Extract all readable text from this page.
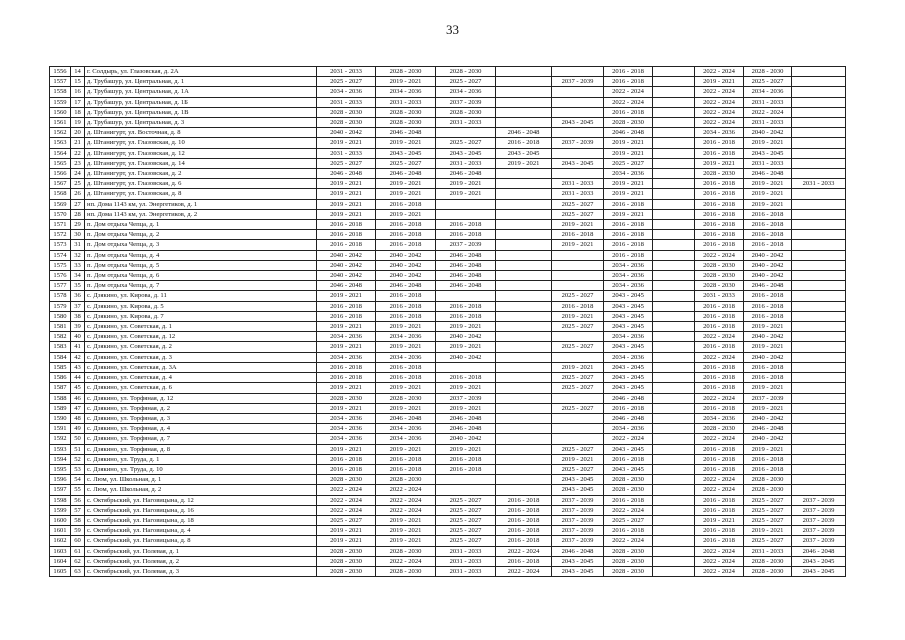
33
1556	14	г. Солдырь, ул. Глазовская, д. 2А	2031 - 2033	2028 - 2030	2028 - 2030			2016 - 2018		2022 - 2024	2028 - 2030	
1557	15	д. Трубашур, ул. Центральная, д. 1	2025 - 2027	2019 - 2021	2025 - 2027		2037 - 2039	2016 - 2018		2019 - 2021	2025 - 2027	
1558	16	д. Трубашур, ул. Центральная, д. 1А	2034 - 2036	2034 - 2036	2034 - 2036			2022 - 2024		2022 - 2024	2034 - 2036	
1559	17	д. Трубашур, ул. Центральная, д. 1Б	2031 - 2033	2031 - 2033	2037 - 2039			2022 - 2024		2022 - 2024	2031 - 2033	
1560	18	д. Трубашур, ул. Центральная, д. 1В	2028 - 2030	2028 - 2030	2028 - 2030			2016 - 2018		2022 - 2024	2022 - 2024	
1561	19	д. Трубашур, ул. Центральная, д. 3	2028 - 2030	2028 - 2030	2031 - 2033		2043 - 2045	2028 - 2030		2022 - 2024	2031 - 2033	
1562	20	д. Штанигурт, ул. Восточная, д. 8	2040 - 2042	2046 - 2048		2046 - 2048		2046 - 2048		2034 - 2036	2040 - 2042	
1563	21	д. Штанигурт, ул. Глазовская, д. 10	2019 - 2021	2019 - 2021	2025 - 2027	2016 - 2018	2037 - 2039	2019 - 2021		2016 - 2018	2019 - 2021	
1564	22	д. Штанигурт, ул. Глазовская, д. 12	2031 - 2033	2043 - 2045	2043 - 2045	2043 - 2045		2019 - 2021		2016 - 2018	2043 - 2045	
1565	23	д. Штанигурт, ул. Глазовская, д. 14	2025 - 2027	2025 - 2027	2031 - 2033	2019 - 2021	2043 - 2045	2025 - 2027		2019 - 2021	2031 - 2033	
1566	24	д. Штанигурт, ул. Глазовская, д. 2	2046 - 2048	2046 - 2048	2046 - 2048			2034 - 2036		2028 - 2030	2046 - 2048	
1567	25	д. Штанигурт, ул. Глазовская, д. 6	2019 - 2021	2019 - 2021	2019 - 2021		2031 - 2033	2019 - 2021		2016 - 2018	2019 - 2021	2031 - 2033
1568	26	д. Штанигурт, ул. Глазовская, д. 8	2019 - 2021	2019 - 2021	2019 - 2021		2031 - 2033	2019 - 2021		2016 - 2018	2019 - 2021	
1569	27	нп. Дома 1143 км, ул. Энергетиков, д. 1	2019 - 2021	2016 - 2018			2025 - 2027	2016 - 2018		2016 - 2018	2019 - 2021	
1570	28	нп. Дома 1143 км, ул. Энергетиков, д. 2	2019 - 2021	2019 - 2021			2025 - 2027	2019 - 2021		2016 - 2018	2016 - 2018	
1571	29	п. Дом отдыха Чепца, д. 1	2016 - 2018	2016 - 2018	2016 - 2018		2019 - 2021	2016 - 2018		2016 - 2018	2016 - 2018	
1572	30	п. Дом отдыха Чепца, д. 2	2016 - 2018	2016 - 2018	2016 - 2018		2016 - 2018	2016 - 2018		2016 - 2018	2016 - 2018	
1573	31	п. Дом отдыха Чепца, д. 3	2016 - 2018	2016 - 2018	2037 - 2039		2019 - 2021	2016 - 2018		2016 - 2018	2016 - 2018	
1574	32	п. Дом отдыха Чепца, д. 4	2040 - 2042	2040 - 2042	2046 - 2048			2016 - 2018		2022 - 2024	2040 - 2042	
1575	33	п. Дом отдыха Чепца, д. 5	2040 - 2042	2040 - 2042	2046 - 2048			2034 - 2036		2028 - 2030	2040 - 2042	
1576	34	п. Дом отдыха Чепца, д. 6	2040 - 2042	2040 - 2042	2046 - 2048			2034 - 2036		2028 - 2030	2040 - 2042	
1577	35	п. Дом отдыха Чепца, д. 7	2046 - 2048	2046 - 2048	2046 - 2048			2034 - 2036		2028 - 2030	2046 - 2048	
1578	36	с. Дзякино, ул. Кирова, д. 11	2019 - 2021	2016 - 2018			2025 - 2027	2043 - 2045		2031 - 2033	2016 - 2018	
1579	37	с. Дзякино, ул. Кирова, д. 5	2016 - 2018	2016 - 2018	2016 - 2018		2016 - 2018	2043 - 2045		2016 - 2018	2016 - 2018	
1580	38	с. Дзякино, ул. Кирова, д. 7	2016 - 2018	2016 - 2018	2016 - 2018		2019 - 2021	2043 - 2045		2016 - 2018	2016 - 2018	
1581	39	с. Дзякино, ул. Советская, д. 1	2019 - 2021	2019 - 2021	2019 - 2021		2025 - 2027	2043 - 2045		2016 - 2018	2019 - 2021	
1582	40	с. Дзякино, ул. Советская, д. 12	2034 - 2036	2034 - 2036	2040 - 2042			2034 - 2036		2022 - 2024	2040 - 2042	
1583	41	с. Дзякино, ул. Советская, д. 2	2019 - 2021	2019 - 2021	2019 - 2021		2025 - 2027	2043 - 2045		2016 - 2018	2019 - 2021	
1584	42	с. Дзякино, ул. Советская, д. 3	2034 - 2036	2034 - 2036	2040 - 2042			2034 - 2036		2022 - 2024	2040 - 2042	
1585	43	с. Дзякино, ул. Советская, д. 3А	2016 - 2018	2016 - 2018			2019 - 2021	2043 - 2045		2016 - 2018	2016 - 2018	
1586	44	с. Дзякино, ул. Советская, д. 4	2016 - 2018	2016 - 2018	2016 - 2018		2025 - 2027	2043 - 2045		2016 - 2018	2016 - 2018	
1587	45	с. Дзякино, ул. Советская, д. 6	2019 - 2021	2019 - 2021	2019 - 2021		2025 - 2027	2043 - 2045		2016 - 2018	2019 - 2021	
1588	46	с. Дзякино, ул. Торфяная, д. 12	2028 - 2030	2028 - 2030	2037 - 2039			2046 - 2048		2022 - 2024	2037 - 2039	
1589	47	с. Дзякино, ул. Торфяная, д. 2	2019 - 2021	2019 - 2021	2019 - 2021		2025 - 2027	2016 - 2018		2016 - 2018	2019 - 2021	
1590	48	с. Дзякино, ул. Торфяная, д. 3	2034 - 2036	2046 - 2048	2046 - 2048			2046 - 2048		2034 - 2036	2040 - 2042	
1591	49	с. Дзякино, ул. Торфяная, д. 4	2034 - 2036	2034 - 2036	2046 - 2048			2034 - 2036		2028 - 2030	2046 - 2048	
1592	50	с. Дзякино, ул. Торфяная, д. 7	2034 - 2036	2034 - 2036	2040 - 2042			2022 - 2024		2022 - 2024	2040 - 2042	
1593	51	с. Дзякино, ул. Торфяная, д. 8	2019 - 2021	2019 - 2021	2019 - 2021		2025 - 2027	2043 - 2045		2016 - 2018	2019 - 2021	
1594	52	с. Дзякино, ул. Труда, д. 1	2016 - 2018	2016 - 2018	2016 - 2018		2019 - 2021	2016 - 2018		2016 - 2018	2016 - 2018	
1595	53	с. Дзякино, ул. Труда, д. 10	2016 - 2018	2016 - 2018	2016 - 2018		2025 - 2027	2043 - 2045		2016 - 2018	2016 - 2018	
1596	54	с. Люм, ул. Школьная, д. 1	2028 - 2030	2028 - 2030			2043 - 2045	2028 - 2030		2022 - 2024	2028 - 2030	
1597	55	с. Люм, ул. Школьная, д. 2	2022 - 2024	2022 - 2024			2043 - 2045	2028 - 2030		2022 - 2024	2028 - 2030	
1598	56	с. Октябрьский, ул. Наговицына, д. 12	2022 - 2024	2022 - 2024	2025 - 2027	2016 - 2018	2037 - 2039	2016 - 2018		2016 - 2018	2025 - 2027	2037 - 2039
1599	57	с. Октябрьский, ул. Наговицына, д. 16	2022 - 2024	2022 - 2024	2025 - 2027	2016 - 2018	2037 - 2039	2022 - 2024		2016 - 2018	2025 - 2027	2037 - 2039
1600	58	с. Октябрьский, ул. Наговицына, д. 18	2025 - 2027	2019 - 2021	2025 - 2027	2016 - 2018	2037 - 2039	2025 - 2027		2019 - 2021	2025 - 2027	2037 - 2039
1601	59	с. Октябрьский, ул. Наговицына, д. 4	2019 - 2021	2019 - 2021	2025 - 2027	2016 - 2018	2037 - 2039	2016 - 2018		2016 - 2018	2019 - 2021	2037 - 2039
1602	60	с. Октябрьский, ул. Наговицына, д. 8	2019 - 2021	2019 - 2021	2025 - 2027	2016 - 2018	2037 - 2039	2022 - 2024		2016 - 2018	2025 - 2027	2037 - 2039
1603	61	с. Октябрьский, ул. Полевая, д. 1	2028 - 2030	2028 - 2030	2031 - 2033	2022 - 2024	2046 - 2048	2028 - 2030		2022 - 2024	2031 - 2033	2046 - 2048
1604	62	с. Октябрьский, ул. Полевая, д. 2	2028 - 2030	2022 - 2024	2031 - 2033	2016 - 2018	2043 - 2045	2028 - 2030		2022 - 2024	2028 - 2030	2043 - 2045
1605	63	с. Октябрьский, ул. Полевая, д. 3	2028 - 2030	2028 - 2030	2031 - 2033	2022 - 2024	2043 - 2045	2028 - 2030		2022 - 2024	2028 - 2030	2043 - 2045
